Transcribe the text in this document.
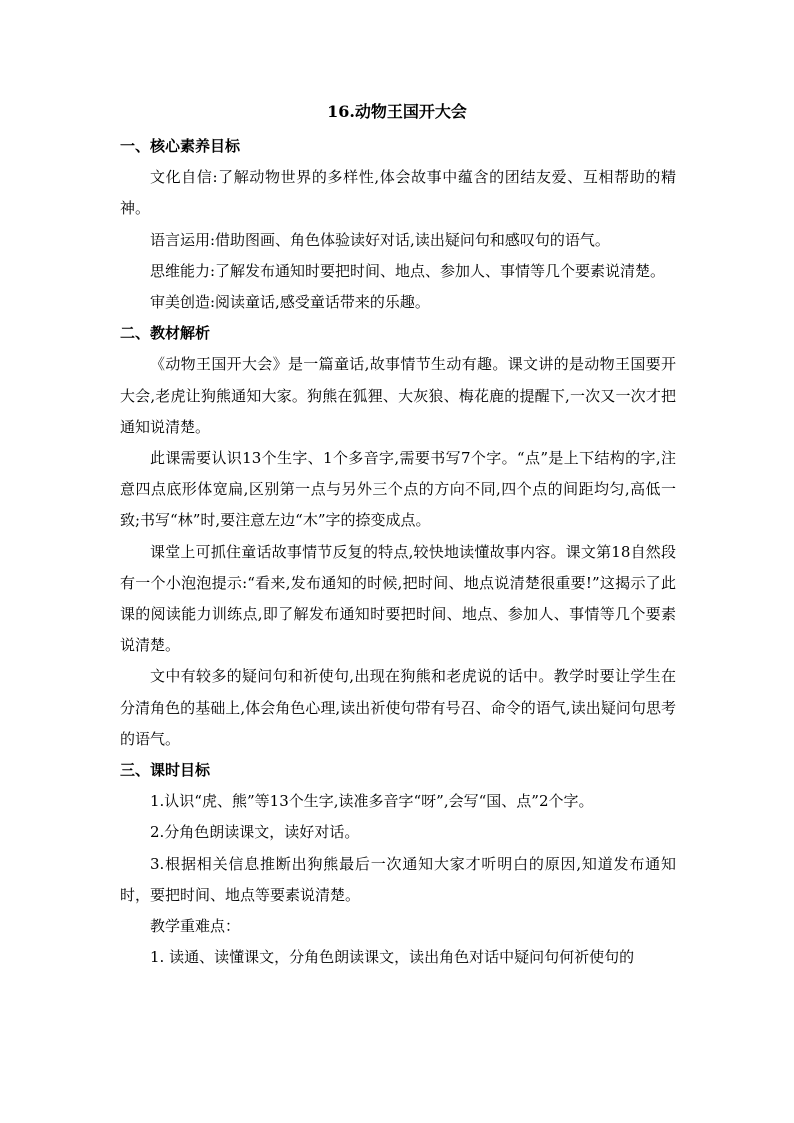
16.动物王国开大会

一、核心素养目标

文化自信:了解动物世界的多样性,体会故事中蕴含的团结友爱、互相帮助的精神。

语言运用:借助图画、角色体验读好对话,读出疑问句和感叹句的语气。

思维能力:了解发布通知时要把时间、地点、参加人、事情等几个要素说清楚。

审美创造:阅读童话,感受童话带来的乐趣。

二、教材解析

《动物王国开大会》是一篇童话,故事情节生动有趣。课文讲的是动物王国要开大会,老虎让狗熊通知大家。狗熊在狐狸、大灰狼、梅花鹿的提醒下,一次又一次才把通知说清楚。

此课需要认识13个生字、1个多音字,需要书写7个字。“点”是上下结构的字,注意四点底形体宽扁,区别第一点与另外三个点的方向不同,四个点的间距均匀,高低一致;书写“林”时,要注意左边“木”字的捺变成点。

课堂上可抓住童话故事情节反复的特点,较快地读懂故事内容。课文第18自然段有一个小泡泡提示:“看来,发布通知的时候,把时间、地点说清楚很重要!”这揭示了此课的阅读能力训练点,即了解发布通知时要把时间、地点、参加人、事情等几个要素说清楚。

文中有较多的疑问句和祈使句,出现在狗熊和老虎说的话中。教学时要让学生在分清角色的基础上,体会角色心理,读出祈使句带有号召、命令的语气,读出疑问句思考的语气。

三、课时目标

1.认识“虎、熊”等13个生字,读准多音字“呀”,会写“国、点”2个字。

2.分角色朗读课文，读好对话。

3.根据相关信息推断出狗熊最后一次通知大家才听明白的原因,知道发布通知时，要把时间、地点等要素说清楚。

教学重难点：

1. 读通、读懂课文，分角色朗读课文，读出角色对话中疑问句何祈使句的
